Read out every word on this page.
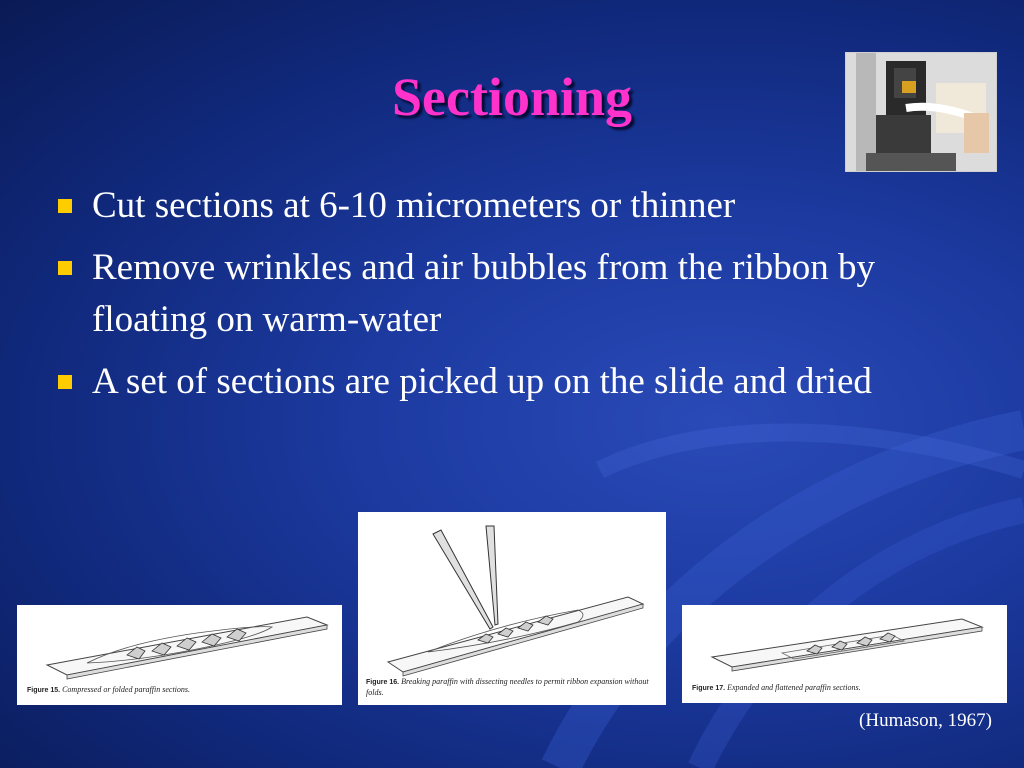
Sectioning
Cut sections at 6-10 micrometers or thinner
Remove wrinkles and air bubbles from the ribbon by floating on warm-water
A set of sections are picked up on the slide and dried
Figure 15. Compressed or folded paraffin sections.
Figure 16. Breaking paraffin with dissecting needles to permit ribbon expansion without folds.	Figure 17. Expanded and flattened paraffin sections.
(Humason, 1967)
